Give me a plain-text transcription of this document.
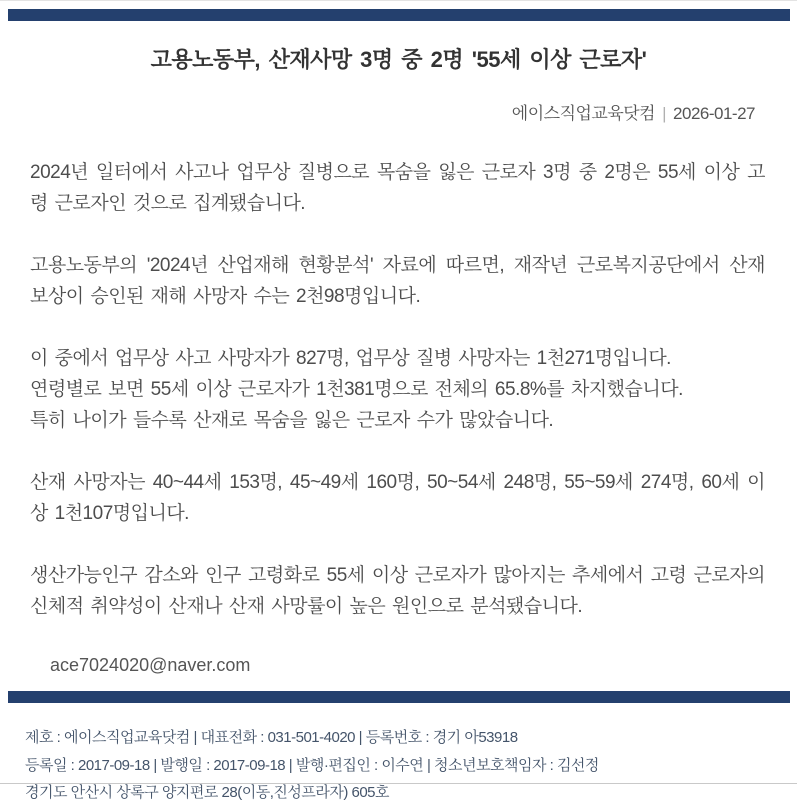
고용노동부, 산재사망 3명 중 2명 '55세 이상 근로자'
에이스직업교육닷컴 | 2026-01-27

2024년 일터에서 사고나 업무상 질병으로 목숨을 잃은 근로자 3명 중 2명은 55세 이상 고령 근로자인 것으로 집계됐습니다.

고용노동부의 '2024년 산업재해 현황분석' 자료에 따르면, 재작년 근로복지공단에서 산재 보상이 승인된 재해 사망자 수는 2천98명입니다.

이 중에서 업무상 사고 사망자가 827명, 업무상 질병 사망자는 1천271명입니다.
연령별로 보면 55세 이상 근로자가 1천381명으로 전체의 65.8%를 차지했습니다.
특히 나이가 들수록 산재로 목숨을 잃은 근로자 수가 많았습니다.

산재 사망자는 40~44세 153명, 45~49세 160명, 50~54세 248명, 55~59세 274명, 60세 이상 1천107명입니다.

생산가능인구 감소와 인구 고령화로 55세 이상 근로자가 많아지는 추세에서 고령 근로자의 신체적 취약성이 산재나 산재 사망률이 높은 원인으로 분석됐습니다.

ace7024020@naver.com
제호 : 에이스직업교육닷컴 | 대표전화 : 031-501-4020 | 등록번호 : 경기 아53918
등록일 : 2017-09-18 | 발행일 : 2017-09-18 | 발행·편집인 : 이수연 | 청소년보호책임자 : 김선정
경기도 안산시 상록구 양지편로 28(이동,진성프라자) 605호
